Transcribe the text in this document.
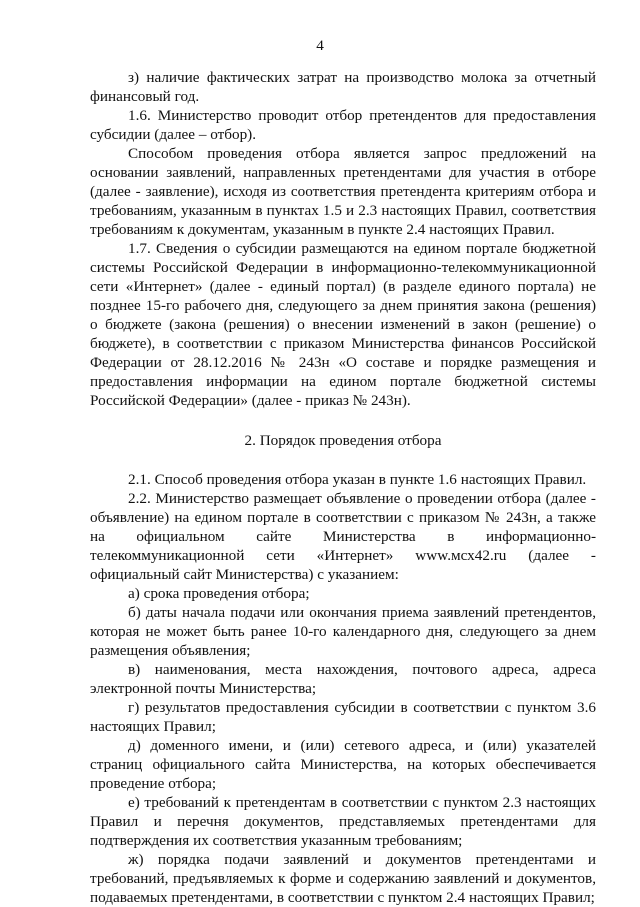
4

з) наличие фактических затрат на производство молока за отчетный финансовый год.

1.6. Министерство проводит отбор претендентов для предоставления субсидии (далее – отбор).

Способом проведения отбора является запрос предложений на основании заявлений, направленных претендентами для участия в отборе (далее - заявление), исходя из соответствия претендента критериям отбора и требованиям, указанным в пунктах 1.5 и 2.3 настоящих Правил, соответствия требованиям к документам, указанным в пункте 2.4 настоящих Правил.

1.7. Сведения о субсидии размещаются на едином портале бюджетной системы Российской Федерации в информационно-телекоммуникационной сети «Интернет» (далее - единый портал) (в разделе единого портала) не позднее 15-го рабочего дня, следующего за днем принятия закона (решения) о бюджете (закона (решения) о внесении изменений в закон (решение) о бюджете), в соответствии с приказом Министерства финансов Российской Федерации от 28.12.2016 № 243н «О составе и порядке размещения и предоставления информации на едином портале бюджетной системы Российской Федерации» (далее - приказ № 243н).

2. Порядок проведения отбора

2.1. Способ проведения отбора указан в пункте 1.6 настоящих Правил.

2.2. Министерство размещает объявление о проведении отбора (далее - объявление) на едином портале в соответствии с приказом № 243н, а также на официальном сайте Министерства в информационно-телекоммуникационной сети «Интернет» www.мсх42.ru (далее - официальный сайт Министерства) с указанием:

а) срока проведения отбора;

б) даты начала подачи или окончания приема заявлений претендентов, которая не может быть ранее 10-го календарного дня, следующего за днем размещения объявления;

в) наименования, места нахождения, почтового адреса, адреса электронной почты Министерства;

г) результатов предоставления субсидии в соответствии с пунктом 3.6 настоящих Правил;

д) доменного имени, и (или) сетевого адреса, и (или) указателей страниц официального сайта Министерства, на которых обеспечивается проведение отбора;

е) требований к претендентам в соответствии с пунктом 2.3 настоящих Правил и перечня документов, представляемых претендентами для подтверждения их соответствия указанным требованиям;

ж) порядка подачи заявлений и документов претендентами и требований, предъявляемых к форме и содержанию заявлений и документов, подаваемых претендентами, в соответствии с пунктом 2.4 настоящих Правил;
